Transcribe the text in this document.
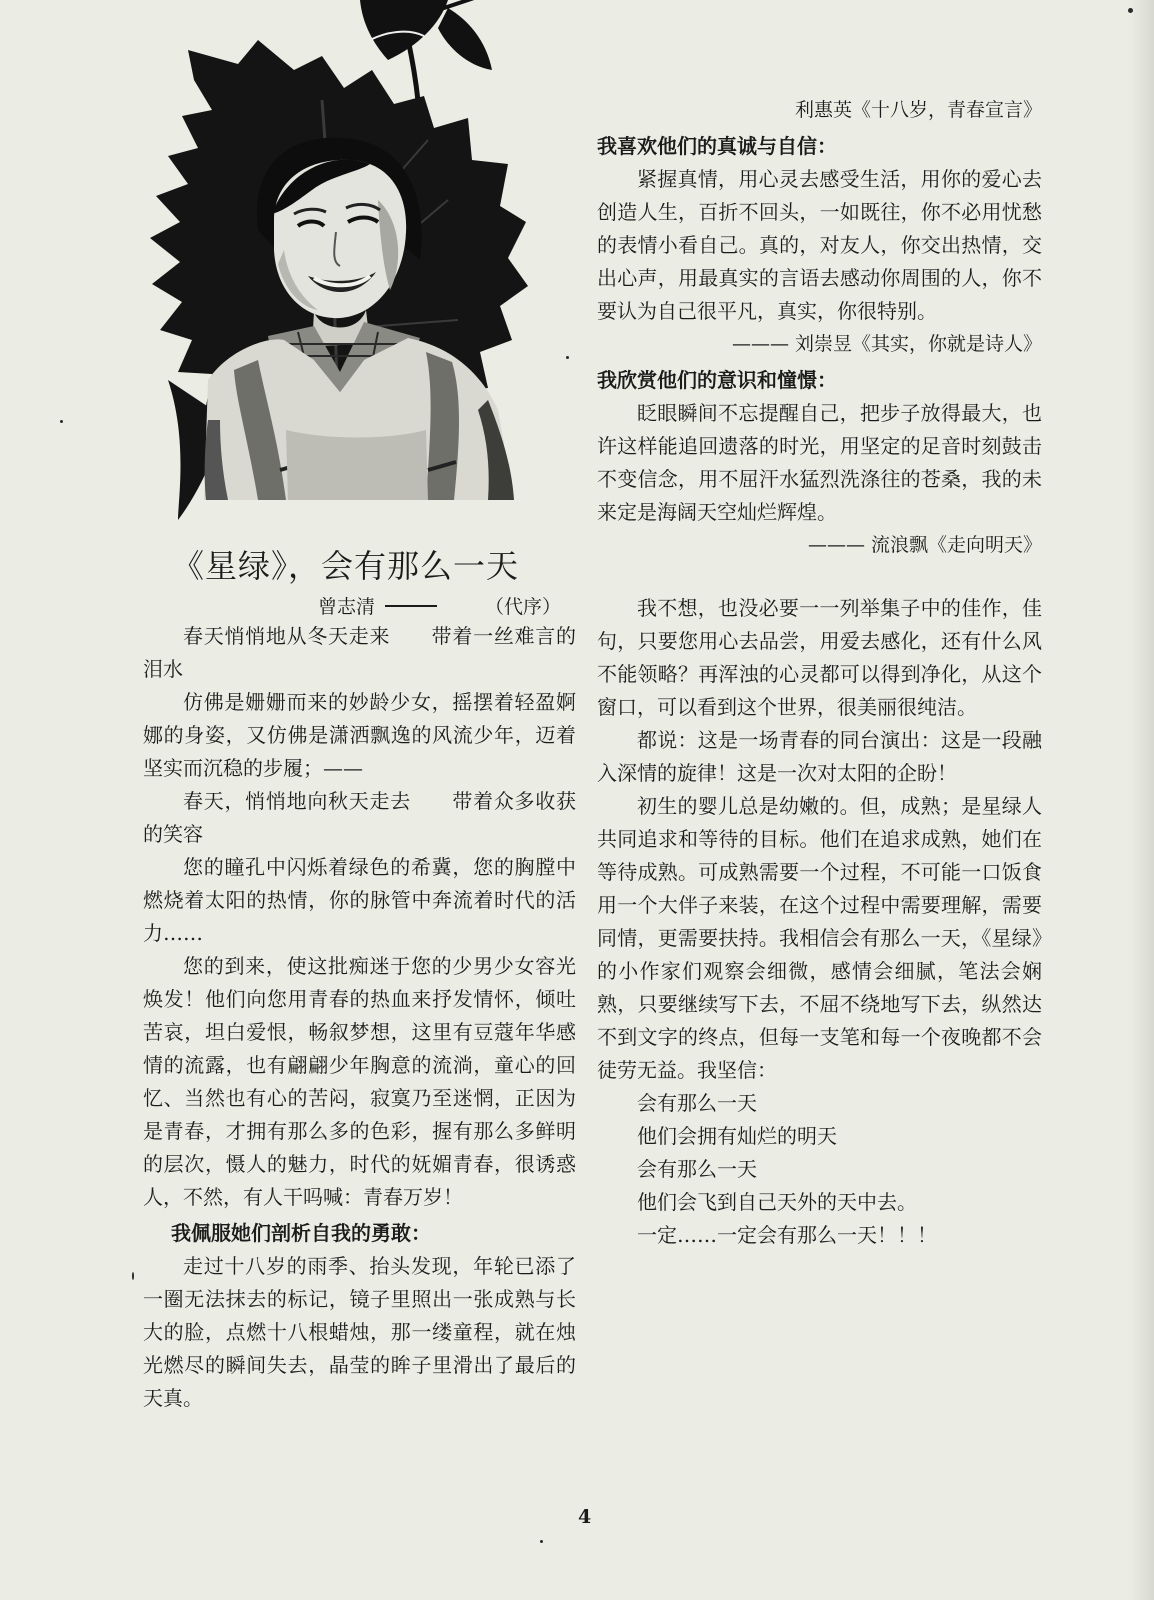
《星绿》，会有那么一天
曾志清	（代序）

春天悄悄地从冬天走来　　带着一丝难言的泪水

仿佛是姗姗而来的妙龄少女，摇摆着轻盈婀娜的身姿，又仿佛是潇洒飘逸的风流少年，迈着坚实而沉稳的步履；——

春天，悄悄地向秋天走去　　带着众多收获的笑容

您的瞳孔中闪烁着绿色的希冀，您的胸膛中燃烧着太阳的热情，你的脉管中奔流着时代的活力……

您的到来，使这批痴迷于您的少男少女容光焕发！他们向您用青春的热血来抒发情怀，倾吐苦哀，坦白爱恨，畅叙梦想，这里有豆蔻年华感情的流露，也有翩翩少年胸意的流淌，童心的回忆、当然也有心的苦闷，寂寞乃至迷惘，正因为是青春，才拥有那么多的色彩，握有那么多鲜明的层次，慑人的魅力，时代的妩媚青春，很诱惑人，不然，有人干吗喊：青春万岁！

我佩服她们剖析自我的勇敢：

走过十八岁的雨季、抬头发现，年轮已添了一圈无法抹去的标记，镜子里照出一张成熟与长大的脸，点燃十八根蜡烛，那一缕童程，就在烛光燃尽的瞬间失去，晶莹的眸子里滑出了最后的天真。

利惠英《十八岁，青春宣言》

我喜欢他们的真诚与自信：

紧握真情，用心灵去感受生活，用你的爱心去创造人生，百折不回头，一如既往，你不必用忧愁的表情小看自己。真的，对友人，你交出热情，交出心声，用最真实的言语去感动你周围的人，你不要认为自己很平凡，真实，你很特别。

——— 刘崇昱《其实，你就是诗人》

我欣赏他们的意识和憧憬：

眨眼瞬间不忘提醒自己，把步子放得最大，也许这样能追回遗落的时光，用坚定的足音时刻鼓击不变信念，用不屈汗水猛烈洗涤往的苍桑，我的未来定是海阔天空灿烂辉煌。

——— 流浪飘《走向明天》

我不想，也没必要一一列举集子中的佳作，佳句，只要您用心去品尝，用爱去感化，还有什么风不能领略？再浑浊的心灵都可以得到净化，从这个窗口，可以看到这个世界，很美丽很纯洁。

都说：这是一场青春的同台演出：这是一段融入深情的旋律！这是一次对太阳的企盼！

初生的婴儿总是幼嫩的。但，成熟；是星绿人共同追求和等待的目标。他们在追求成熟，她们在等待成熟。可成熟需要一个过程，不可能一口饭食用一个大伴子来装，在这个过程中需要理解，需要同情，更需要扶持。我相信会有那么一天，《星绿》的小作家们观察会细微，感情会细腻，笔法会娴熟，只要继续写下去，不屈不绕地写下去，纵然达不到文字的终点，但每一支笔和每一个夜晚都不会徒劳无益。我坚信：

会有那么一天

他们会拥有灿烂的明天

会有那么一天

他们会飞到自己天外的天中去。

一定……一定会有那么一天！！！

4
